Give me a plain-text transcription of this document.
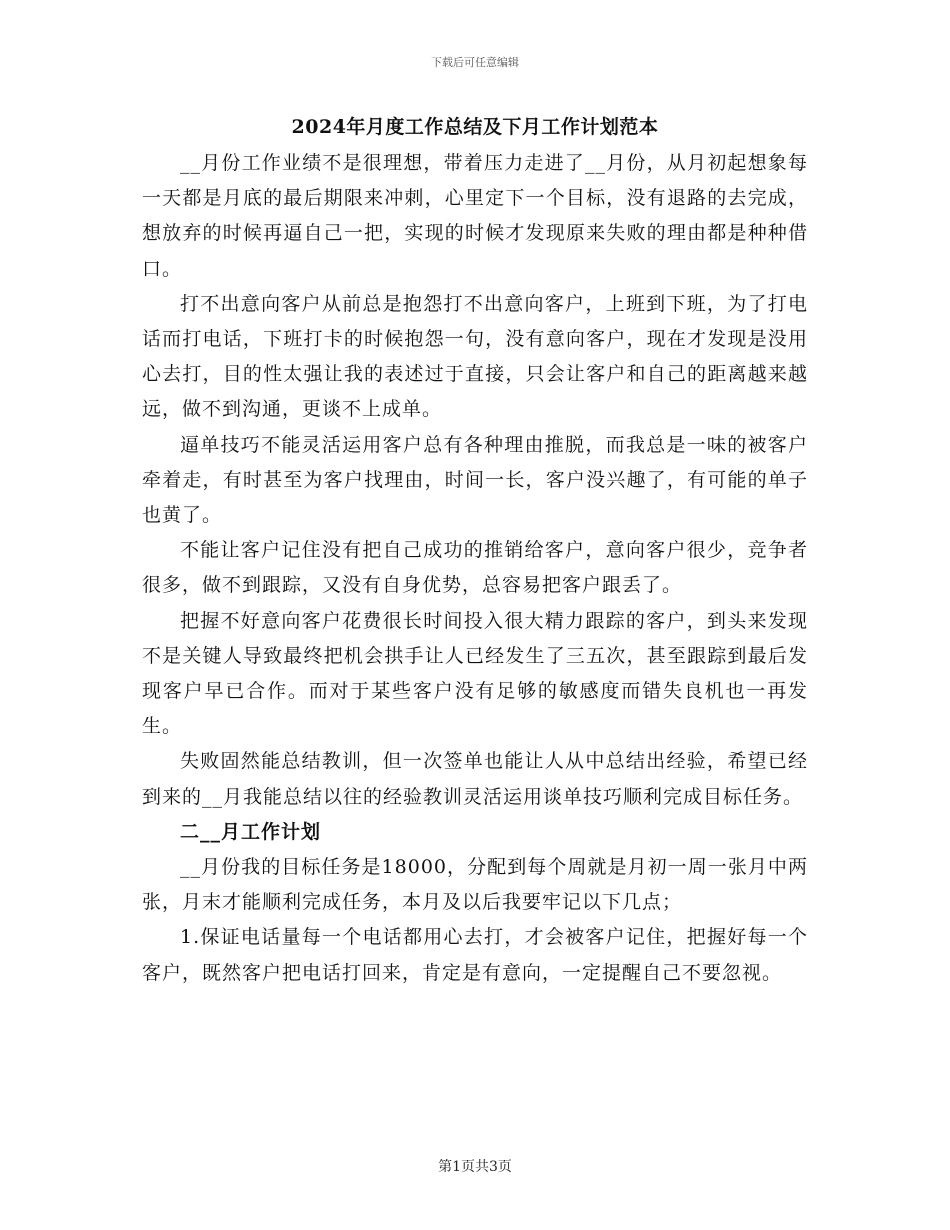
下载后可任意编辑
2024年月度工作总结及下月工作计划范本

__月份工作业绩不是很理想，带着压力走进了__月份，从月初起想象每一天都是月底的最后期限来冲刺，心里定下一个目标，没有退路的去完成，想放弃的时候再逼自己一把，实现的时候才发现原来失败的理由都是种种借口。

打不出意向客户从前总是抱怨打不出意向客户，上班到下班，为了打电话而打电话，下班打卡的时候抱怨一句，没有意向客户，现在才发现是没用心去打，目的性太强让我的表述过于直接，只会让客户和自己的距离越来越远，做不到沟通，更谈不上成单。

逼单技巧不能灵活运用客户总有各种理由推脱，而我总是一味的被客户牵着走，有时甚至为客户找理由，时间一长，客户没兴趣了，有可能的单子也黄了。

不能让客户记住没有把自己成功的推销给客户，意向客户很少，竞争者很多，做不到跟踪，又没有自身优势，总容易把客户跟丢了。

把握不好意向客户花费很长时间投入很大精力跟踪的客户，到头来发现不是关键人导致最终把机会拱手让人已经发生了三五次，甚至跟踪到最后发现客户早已合作。而对于某些客户没有足够的敏感度而错失良机也一再发生。

失败固然能总结教训，但一次签单也能让人从中总结出经验，希望已经到来的__月我能总结以往的经验教训灵活运用谈单技巧顺利完成目标任务。

二__月工作计划

__月份我的目标任务是18000，分配到每个周就是月初一周一张月中两张，月末才能顺利完成任务，本月及以后我要牢记以下几点；

1.保证电话量每一个电话都用心去打，才会被客户记住，把握好每一个客户，既然客户把电话打回来，肯定是有意向，一定提醒自己不要忽视。

第1页共3页
